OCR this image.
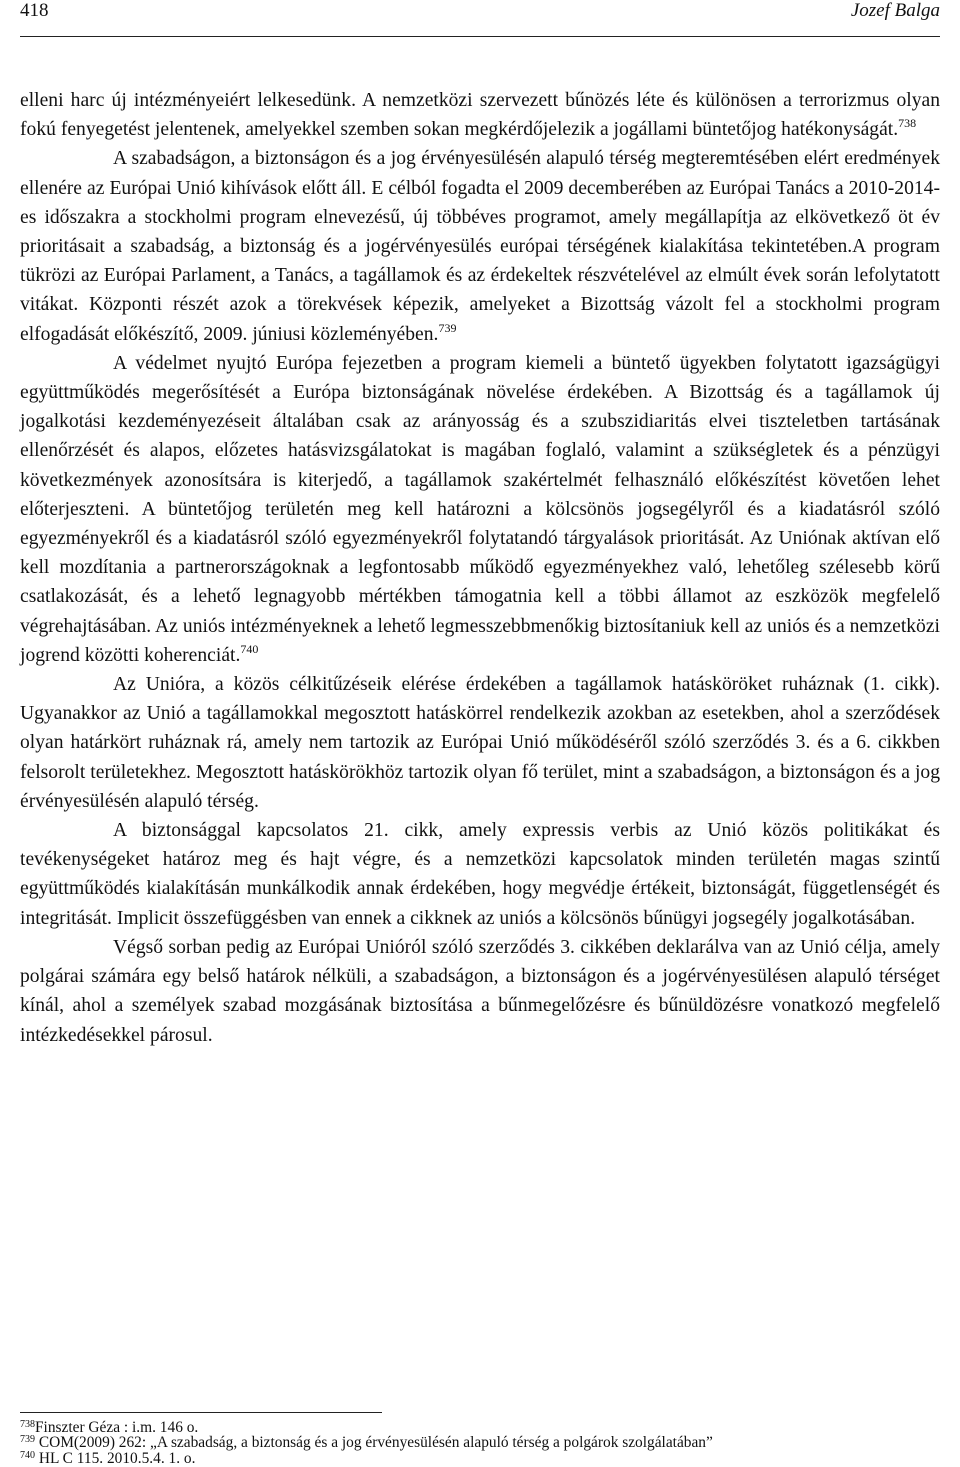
418	Jozef Balga

elleni harc új intézményeiért lelkesedünk. A nemzetközi szervezett bűnözés léte és különösen a terrorizmus olyan fokú fenyegetést jelentenek, amelyekkel szemben sokan megkérdőjelezik a jogállami büntetőjog hatékonyságát.$^{738}$

A szabadságon, a biztonságon és a jog érvényesülésén alapuló térség megteremtésében elért eredmények ellenére az Európai Unió kihívások előtt áll. E célból fogadta el 2009 decemberében az Európai Tanács a 2010-2014-es időszakra a stockholmi program elnevezésű, új többéves programot, amely megállapítja az elkövetkező öt év prioritásait a szabadság, a biztonság és a jogérvényesülés európai térségének kialakítása tekintetében.A program tükrözi az Európai Parlament, a Tanács, a tagállamok és az érdekeltek részvételével az elmúlt évek során lefolytatott vitákat. Központi részét azok a törekvések képezik, amelyeket a Bizottság vázolt fel a stockholmi program elfogadását előkészítő, 2009. júniusi közleményében.$^{739}$

A védelmet nyujtó Európa fejezetben a program kiemeli a büntető ügyekben folytatott igazságügyi együttműködés megerősítését a Európa biztonságának növelése érdekében. A Bizottság és a tagállamok új jogalkotási kezdeményezéseit általában csak az arányosság és a szubszidiaritás elvei tiszteletben tartásának ellenőrzését és alapos, előzetes hatásvizsgálatokat is magában foglaló, valamint a szükségletek és a pénzügyi következmények azonosítsára is kiterjedő, a tagállamok szakértelmét felhasználó előkészítést követően lehet előterjeszteni. A büntetőjog területén meg kell határozni a kölcsönös jogsegélyről és a kiadatásról szóló egyezményekről és a kiadatásról szóló egyezményekről folytatandó tárgyalások prioritását. Az Uniónak aktívan elő kell mozdítania a partnerországoknak a legfontosabb működő egyezményekhez való, lehetőleg szélesebb körű csatlakozását, és a lehető legnagyobb mértékben támogatnia kell a többi államot az eszközök megfelelő végrehajtásában. Az uniós intézményeknek a lehető legmesszebbmenőkig biztosítaniuk kell az uniós és a nemzetközi jogrend közötti koherenciát.$^{740}$

Az Unióra, a közös célkitűzéseik elérése érdekében a tagállamok hatásköröket ruháznak (1. cikk). Ugyanakkor az Unió a tagállamokkal megosztott hatáskörrel rendelkezik azokban az esetekben, ahol a szerződések olyan határkört ruháznak rá, amely nem tartozik az Európai Unió működéséről szóló szerződés 3. és a 6. cikkben felsorolt területekhez. Megosztott hatáskörökhöz tartozik olyan fő terület, mint a szabadságon, a biztonságon és a jog érvényesülésén alapuló térség.

A biztonsággal kapcsolatos 21. cikk, amely expressis verbis az Unió közös politikákat és tevékenységeket határoz meg és hajt végre, és a nemzetközi kapcsolatok minden területén magas szintű együttműködés kialakításán munkálkodik annak érdekében, hogy megvédje értékeit, biztonságát, függetlenségét és integritását. Implicit összefüggésben van ennek a cikknek az uniós a kölcsönös bűnügyi jogsegély jogalkotásában.

Végső sorban pedig az Európai Unióról szóló szerződés 3. cikkében deklarálva van az Unió célja, amely polgárai számára egy belső határok nélküli, a szabadságon, a biztonságon és a jogérvényesülésen alapuló térséget kínál, ahol a személyek szabad mozgásának biztosítása a bűnmegelőzésre és bűnüldözésre vonatkozó megfelelő intézkedésekkel párosul.

$^{738}$Finszter Géza : i.m. 146 o.

$^{739}$ COM(2009) 262: „A szabadság, a biztonság és a jog érvényesülésén alapuló térség a polgárok szolgálatában”

$^{740}$ HL C 115. 2010.5.4. 1. o.
